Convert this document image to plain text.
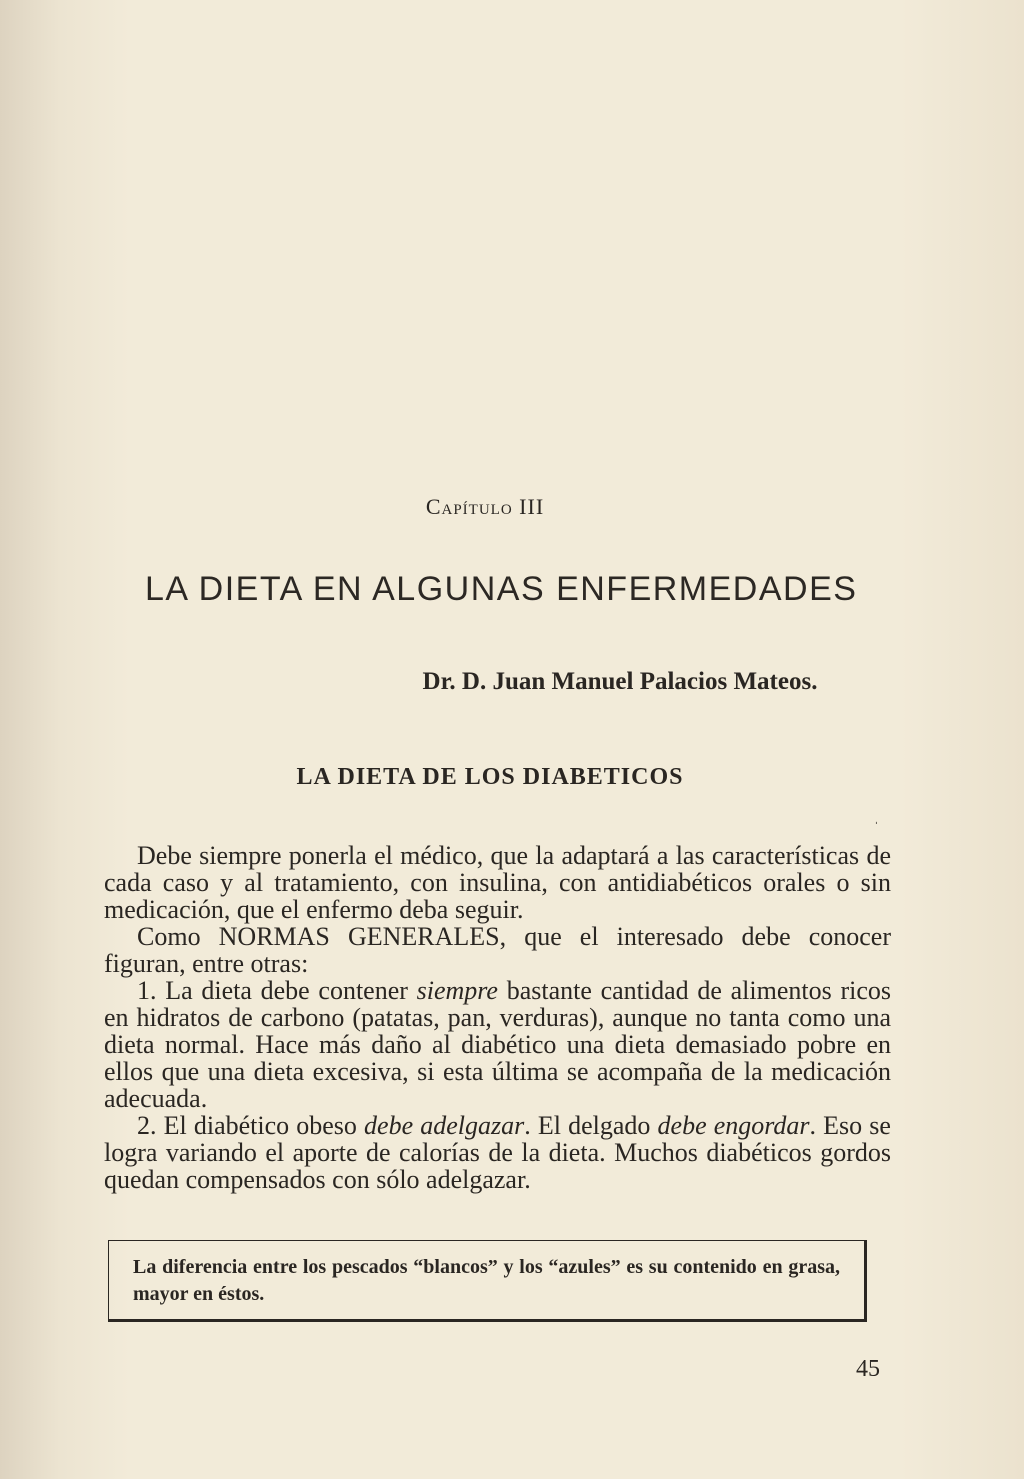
Capítulo III
LA DIETA EN ALGUNAS ENFERMEDADES
Dr. D. Juan Manuel Palacios Mateos.
LA DIETA DE LOS DIABETICOS
ˌ

Debe siempre ponerla el médico, que la adaptará a las características de cada caso y al tratamiento, con insulina, con antidiabéticos orales o sin medicación, que el enfermo deba seguir.

Como NORMAS GENERALES, que el interesado debe conocer figuran, entre otras:

1. La dieta debe contener siempre bastante cantidad de alimentos ricos en hidratos de carbono (patatas, pan, verduras), aunque no tanta como una dieta normal. Hace más daño al diabético una dieta demasiado pobre en ellos que una dieta excesiva, si esta última se acompaña de la medicación adecuada.

2. El diabético obeso debe adelgazar. El delgado debe engordar. Eso se logra variando el aporte de calorías de la dieta. Muchos diabéticos gordos quedan compensados con sólo adelgazar.

La diferencia entre los pescados “blancos” y los “azules” es su contenido en grasa, mayor en éstos.
45
